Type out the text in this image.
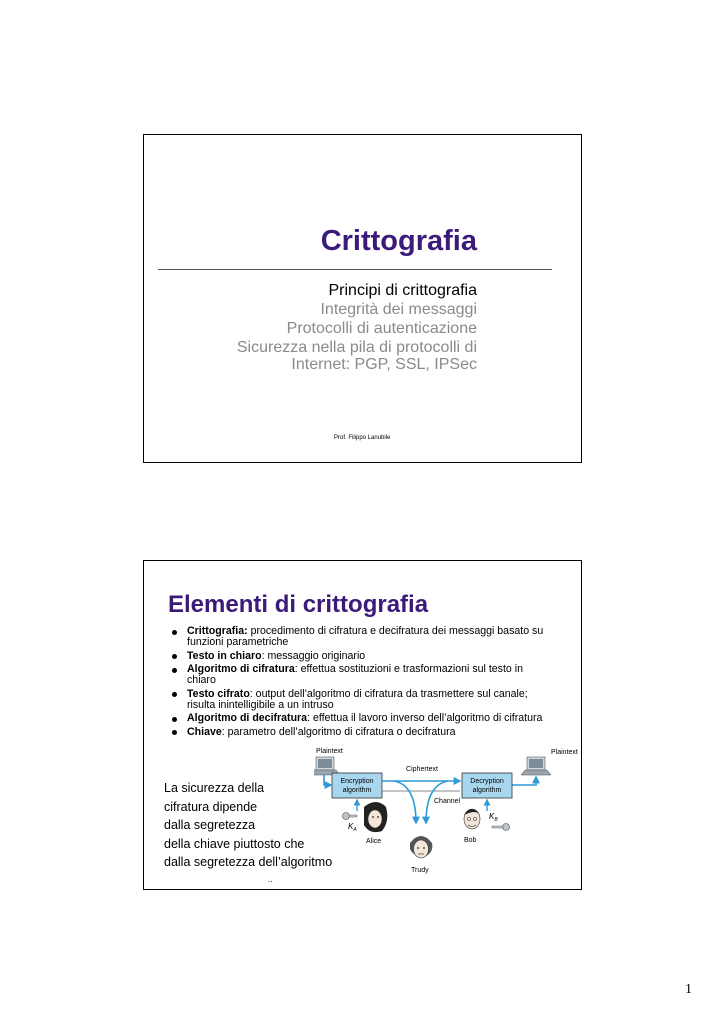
Crittografia
Principi di crittografia
Integrità dei messaggi
Protocolli di autenticazione
Sicurezza nella pila di protocolli di
Internet: PGP, SSL, IPSec
Prof. Filippo Lanubile
Elementi di crittografia
Crittografia: procedimento di cifratura e decifratura dei messaggi basato su funzioni parametriche
Testo in chiaro: messaggio originario
Algoritmo di cifratura: effettua sostituzioni e trasformazioni sul testo in chiaro
Testo cifrato: output dell’algoritmo di cifratura da trasmettere sul canale; risulta inintelligibile a un intruso
Algoritmo di decifratura: effettua il lavoro inverso dell’algoritmo di cifratura
Chiave: parametro dell’algoritmo di cifratura o decifratura
La sicurezza della
cifratura dipende
dalla segretezza
della chiave piuttosto che
dalla segretezza dell’algoritmo
Plaintext	Plaintext
Encryption
algorithm
Decryption
algorithm
Ciphertext
Channel
$K_A$
$K_B$
Alice	Bob
Trudy
..
1
